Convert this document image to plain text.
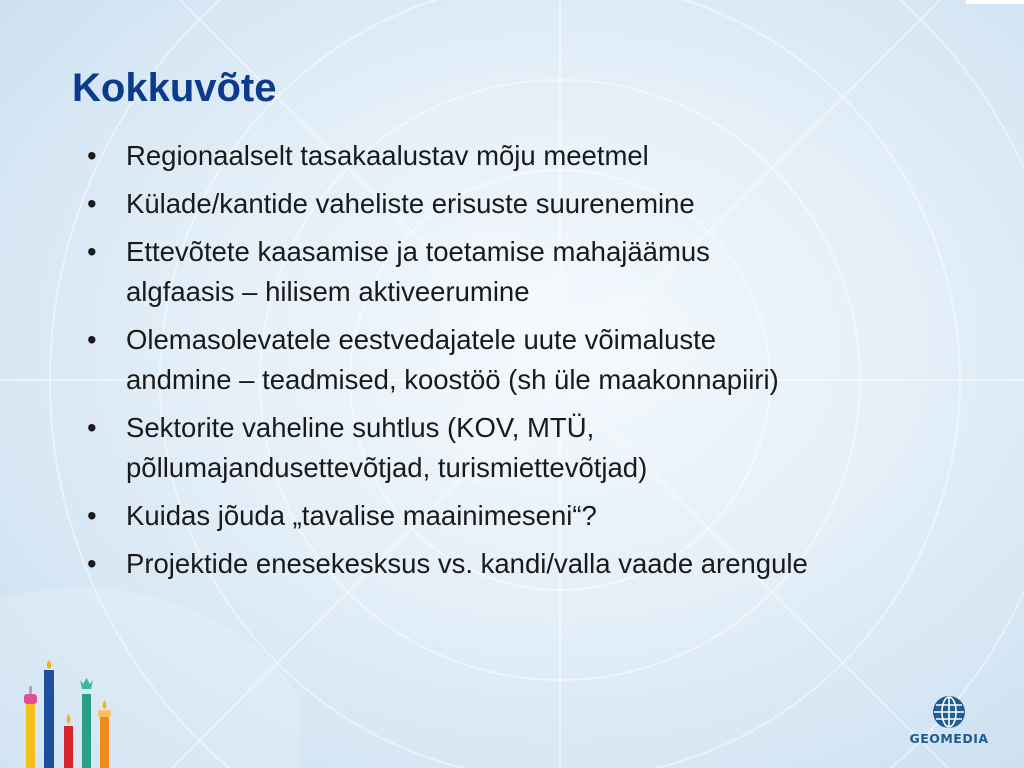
Kokkuvõte
•	Regionaalselt tasakaalustav mõju meetmel
•	Külade/kantide vaheliste erisuste suurenemine
•	Ettevõtete kaasamise ja toetamise mahajäämus
algfaasis – hilisem aktiveerumine
•	Olemasolevatele eestvedajatele uute võimaluste
andmine – teadmised, koostöö (sh üle maakonnapiiri)
•	Sektorite vaheline suhtlus (KOV, MTÜ,
põllumajandusettevõtjad, turismiettevõtjad)
•	Kuidas jõuda „tavalise maainimeseni“?
•	Projektide enesekesksus vs. kandi/valla vaade arengule
GEOMEDIA
